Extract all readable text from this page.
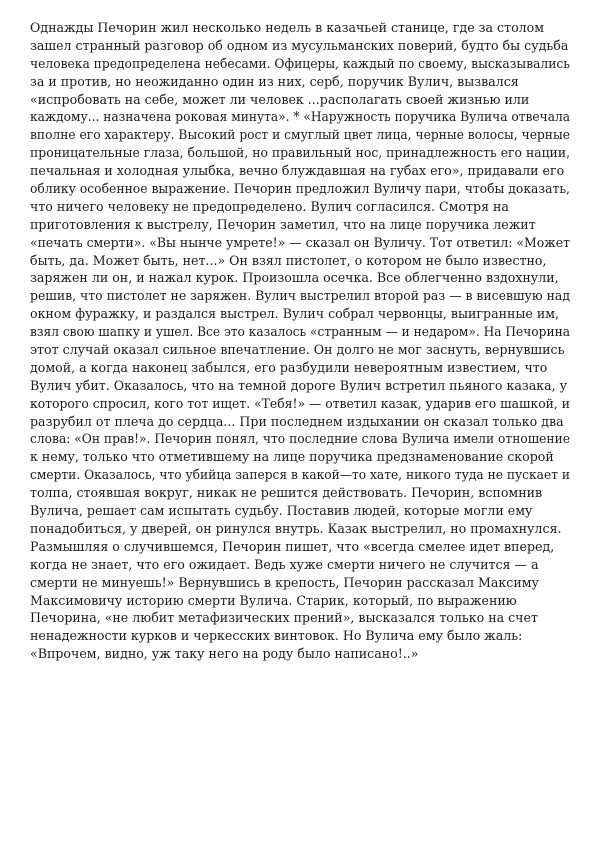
Однажды Печорин жил несколько недель в казачьей станице, где за столом
зашел странный разговор об одном из мусульманских поверий, будто бы судьба
человека предопределена небесами. Офицеры, каждый по своему, высказывались
за и против, но неожиданно один из них, серб, поручик Вулич, вызвался
«испробовать на себе, может ли человек ...располагать своей жизнью или
каждому... назначена роковая минута». * «Наружность поручика Вулича отвечала
вполне его характеру. Высокий рост и смуглый цвет лица, черные волосы, черные
проницательные глаза, большой, но правильный нос, принадлежность его нации,
печальная и холодная улыбка, вечно блуждавшая на губах его», придавали его
облику особенное выражение. Печорин предложил Вуличу пари, чтобы доказать,
что ничего человеку не предопределено. Вулич согласился. Смотря на
приготовления к выстрелу, Печорин заметил, что на лице поручика лежит
«печать смерти». «Вы нынче умрете!» — сказал он Вуличу. Тот ответил: «Может
быть, да. Может быть, нет...» Он взял пистолет, о котором не было известно,
заряжен ли он, и нажал курок. Произошла осечка. Все облегченно вздохнули,
решив, что пистолет не заряжен. Вулич выстрелил второй раз — в висевшую над
окном фуражку, и раздался выстрел. Вулич собрал червонцы, выигранные им,
взял свою шапку и ушел. Все это казалось «странным — и недаром». На Печорина
этот случай оказал сильное впечатление. Он долго не мог заснуть, вернувшись
домой, а когда наконец забылся, его разбудили невероятным известием, что
Вулич убит. Оказалось, что на темной дороге Вулич встретил пьяного казака, у
которого спросил, кого тот ищет. «Тебя!» — ответил казак, ударив его шашкой, и
разрубил от плеча до сердца... При последнем издыхании он сказал только два
слова: «Он прав!». Печорин понял, что последние слова Вулича имели отношение
к нему, только что отметившему на лице поручика предзнаменование скорой
смерти. Оказалось, что убийца заперся в какой—то хате, никого туда не пускает и
толпа, стоявшая вокруг, никак не решится действовать. Печорин, вспомнив
Вулича, решает сам испытать судьбу. Поставив людей, которые могли ему
понадобиться, у дверей, он ринулся внутрь. Казак выстрелил, но промахнулся.
Размышляя о случившемся, Печорин пишет, что «всегда смелее идет вперед,
когда не знает, что его ожидает. Ведь хуже смерти ничего не случится — а
смерти не минуешь!» Вернувшись в крепость, Печорин рассказал Максиму
Максимовичу историю смерти Вулича. Старик, который, по выражению
Печорина, «не любит метафизических прений», высказался только на счет
ненадежности курков и черкесских винтовок. Но Вулича ему было жаль:
«Впрочем, видно, уж таку него на роду было написано!..»
